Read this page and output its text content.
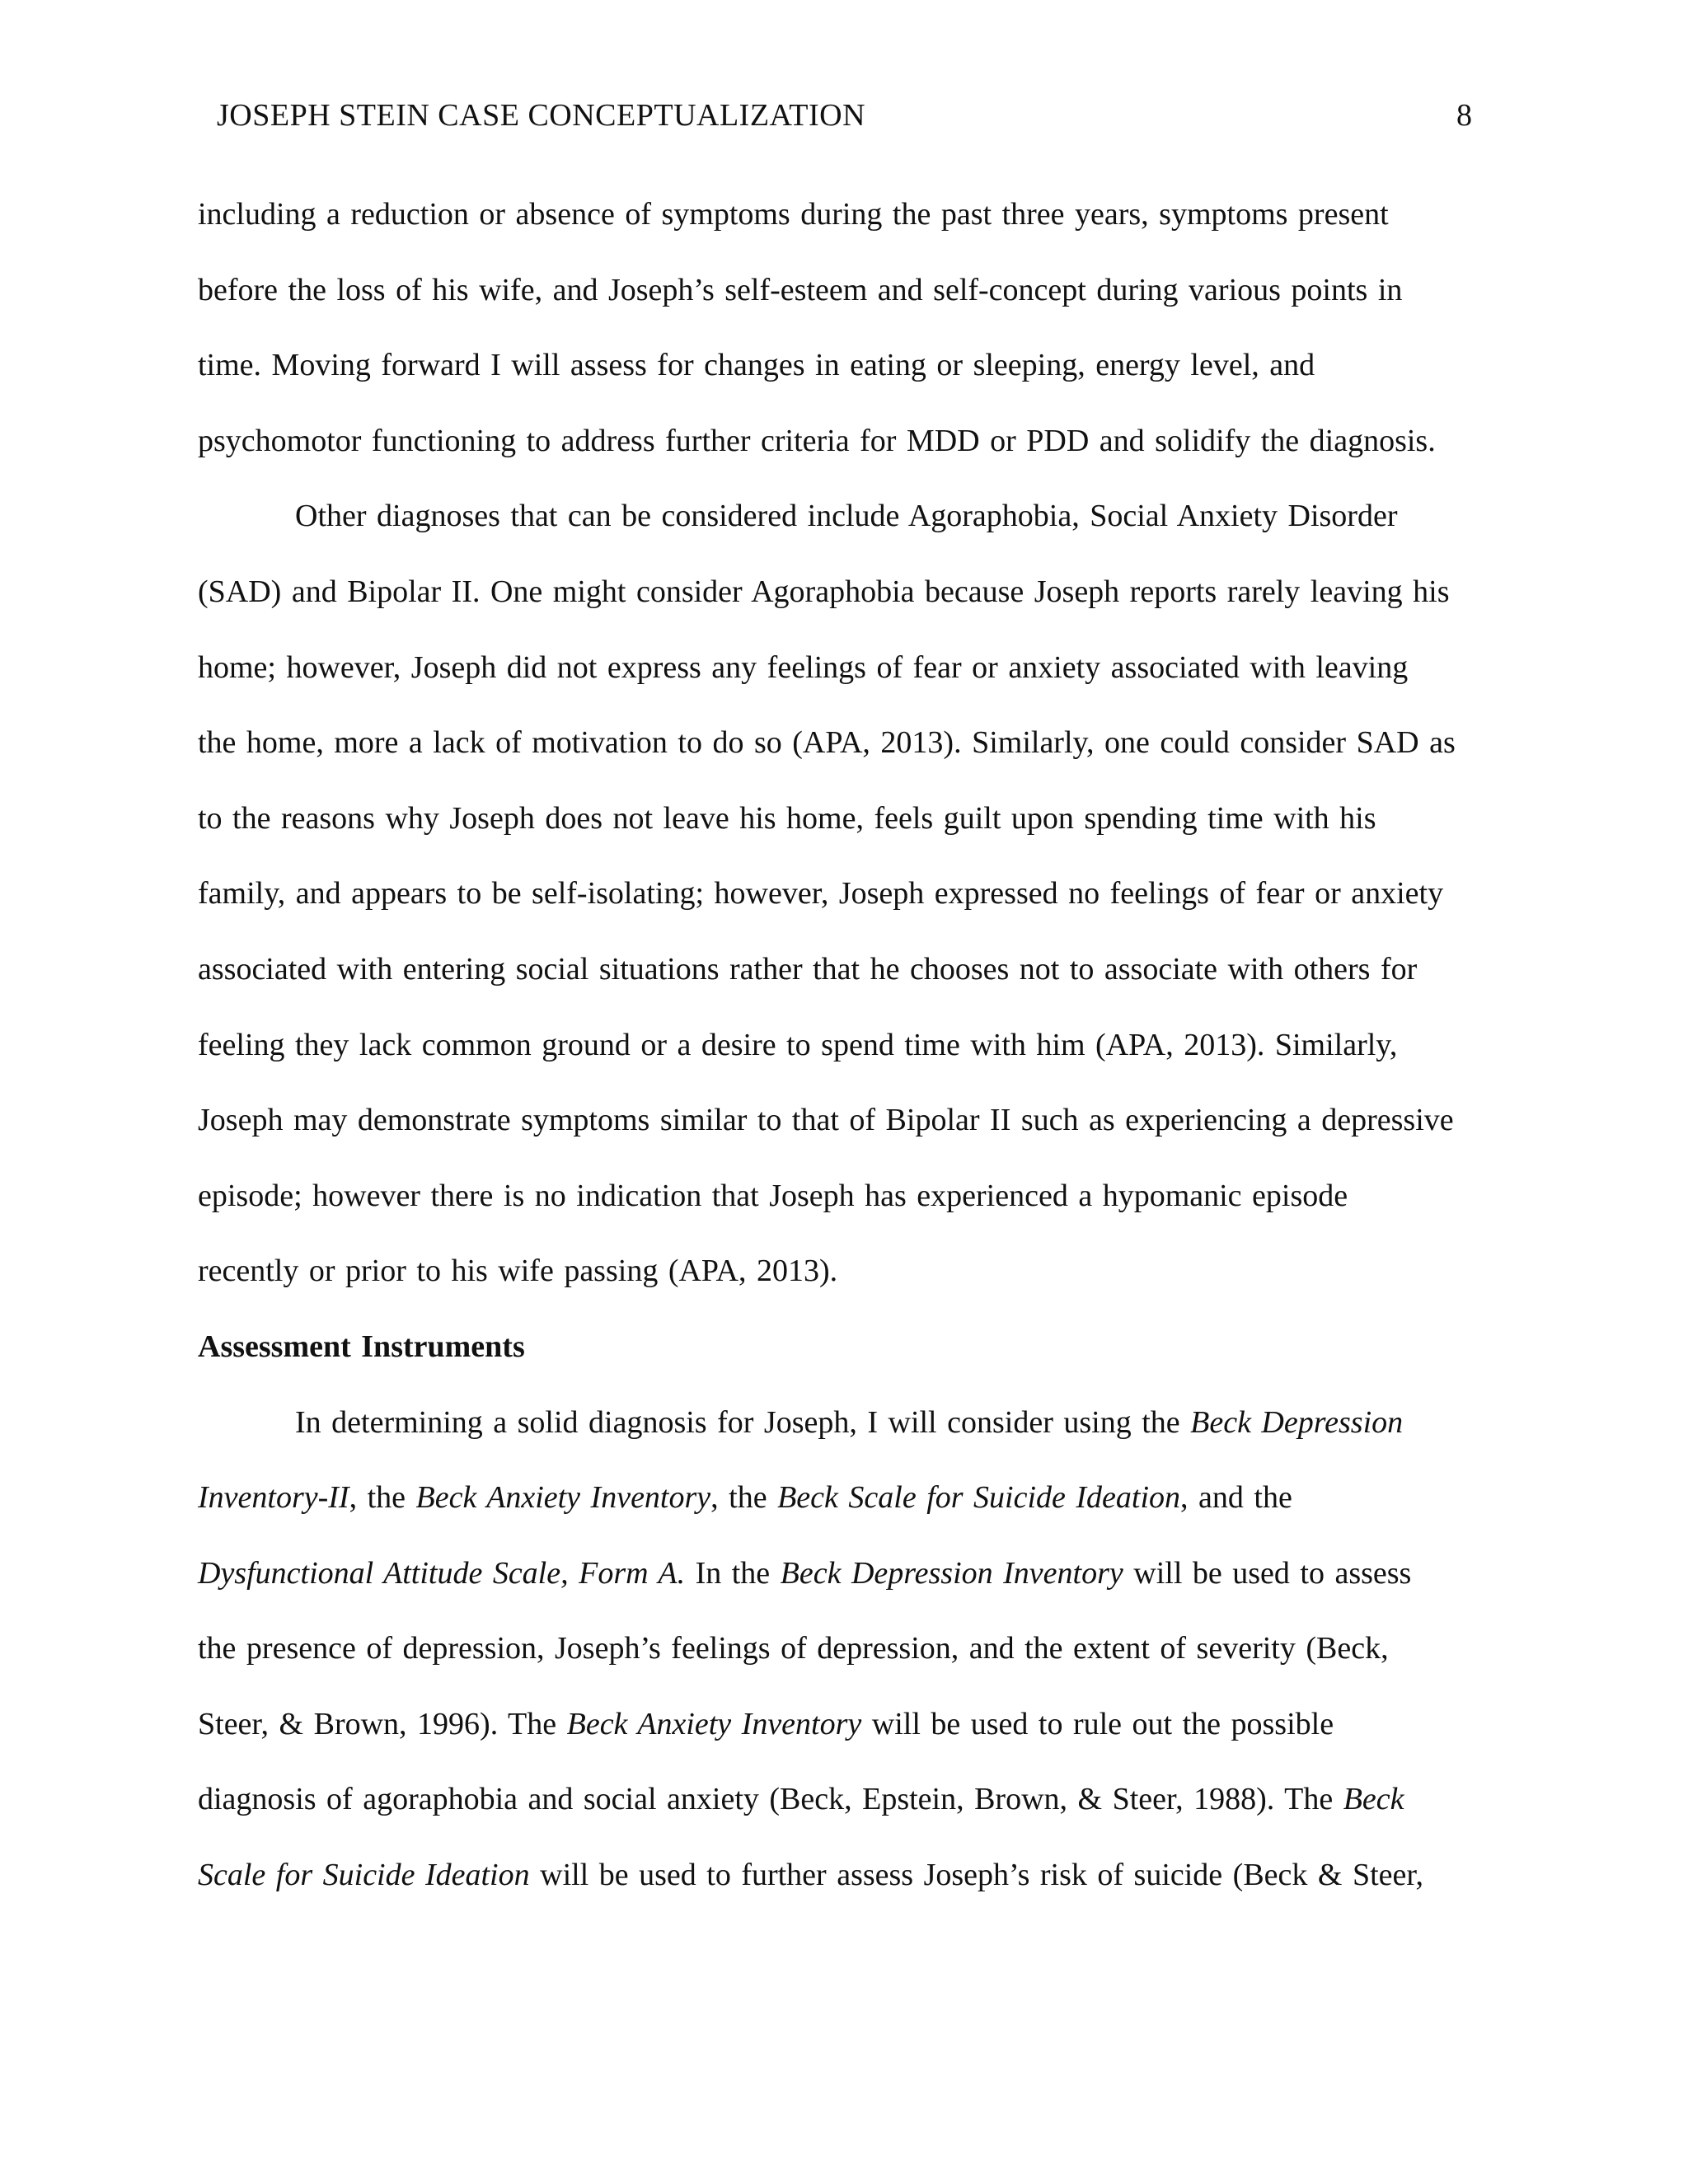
JOSEPH STEIN CASE CONCEPTUALIZATION	8
including a reduction or absence of symptoms during the past three years, symptoms present
before the loss of his wife, and Joseph’s self-esteem and self-concept during various points in
time. Moving forward I will assess for changes in eating or sleeping, energy level, and
psychomotor functioning to address further criteria for MDD or PDD and solidify the diagnosis.
Other diagnoses that can be considered include Agoraphobia, Social Anxiety Disorder
(SAD) and Bipolar II. One might consider Agoraphobia because Joseph reports rarely leaving his
home; however, Joseph did not express any feelings of fear or anxiety associated with leaving
the home, more a lack of motivation to do so (APA, 2013). Similarly, one could consider SAD as
to the reasons why Joseph does not leave his home, feels guilt upon spending time with his
family, and appears to be self-isolating; however, Joseph expressed no feelings of fear or anxiety
associated with entering social situations rather that he chooses not to associate with others for
feeling they lack common ground or a desire to spend time with him (APA, 2013). Similarly,
Joseph may demonstrate symptoms similar to that of Bipolar II such as experiencing a depressive
episode; however there is no indication that Joseph has experienced a hypomanic episode
recently or prior to his wife passing (APA, 2013).
Assessment Instruments
In determining a solid diagnosis for Joseph, I will consider using the Beck Depression
Inventory-II, the Beck Anxiety Inventory, the Beck Scale for Suicide Ideation, and the
Dysfunctional Attitude Scale, Form A. In the Beck Depression Inventory will be used to assess
the presence of depression, Joseph’s feelings of depression, and the extent of severity (Beck,
Steer, & Brown, 1996). The Beck Anxiety Inventory will be used to rule out the possible
diagnosis of agoraphobia and social anxiety (Beck, Epstein, Brown, & Steer, 1988). The Beck
Scale for Suicide Ideation will be used to further assess Joseph’s risk of suicide (Beck & Steer,
